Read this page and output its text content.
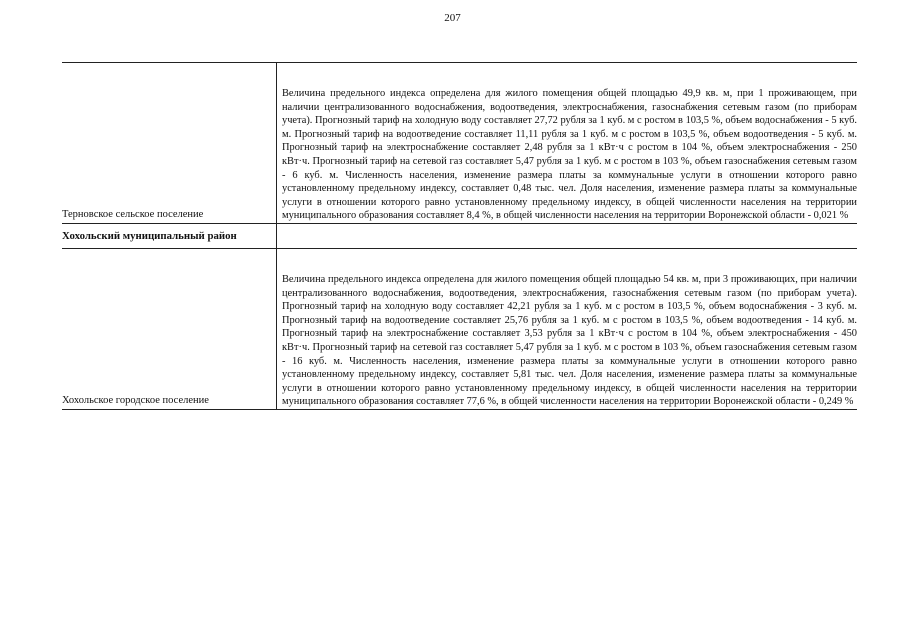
207
Терновское сельское поселение	Величина предельного индекса определена для жилого помещения общей площадью 49,9 кв. м, при 1 проживающем, при наличии централизованного водоснабжения, водоотведения, электроснабжения, газоснабжения сетевым газом (по приборам учета). Прогнозный тариф на холодную воду составляет 27,72 рубля за 1 куб. м с ростом в 103,5 %, объем водоснабжения - 5 куб. м. Прогнозный тариф на водоотведение составляет 11,11 рубля за 1 куб. м с ростом в 103,5 %, объем водоотведения - 5 куб. м. Прогнозный тариф на электроснабжение составляет 2,48 рубля за 1 кВт·ч с ростом в 104 %, объем электроснабжения - 250 кВт·ч. Прогнозный тариф на сетевой газ составляет 5,47 рубля за 1 куб. м с ростом в 103 %, объем газоснабжения сетевым газом - 6 куб. м. Численность населения, изменение размера платы за коммунальные услуги в отношении которого равно установленному предельному индексу, составляет 0,48 тыс. чел. Доля населения, изменение размера платы за коммунальные услуги в отношении которого равно установленному предельному индексу, в общей численности населения на территории муниципального образования составляет 8,4 %, в общей численности населения на территории Воронежской области - 0,021 %

Хохольский муниципальный район	

Хохольское городское поселение	Величина предельного индекса определена для жилого помещения общей площадью 54 кв. м, при 3 проживающих, при наличии централизованного водоснабжения, водоотведения, электроснабжения, газоснабжения сетевым газом (по приборам учета). Прогнозный тариф на холодную воду составляет 42,21 рубля за 1 куб. м с ростом в 103,5 %, объем водоснабжения - 3 куб. м. Прогнозный тариф на водоотведение составляет 25,76 рубля за 1 куб. м с ростом в 103,5 %, объем водоотведения - 14 куб. м. Прогнозный тариф на электроснабжение составляет 3,53 рубля за 1 кВт·ч с ростом в 104 %, объем электроснабжения - 450 кВт·ч. Прогнозный тариф на сетевой газ составляет 5,47 рубля за 1 куб. м с ростом в 103 %, объем газоснабжения сетевым газом - 16 куб. м. Численность населения, изменение размера платы за коммунальные услуги в отношении которого равно установленному предельному индексу, составляет 5,81 тыс. чел. Доля населения, изменение размера платы за коммунальные услуги в отношении которого равно установленному предельному индексу, в общей численности населения на территории муниципального образования составляет 77,6 %, в общей численности населения на территории Воронежской области - 0,249 %
